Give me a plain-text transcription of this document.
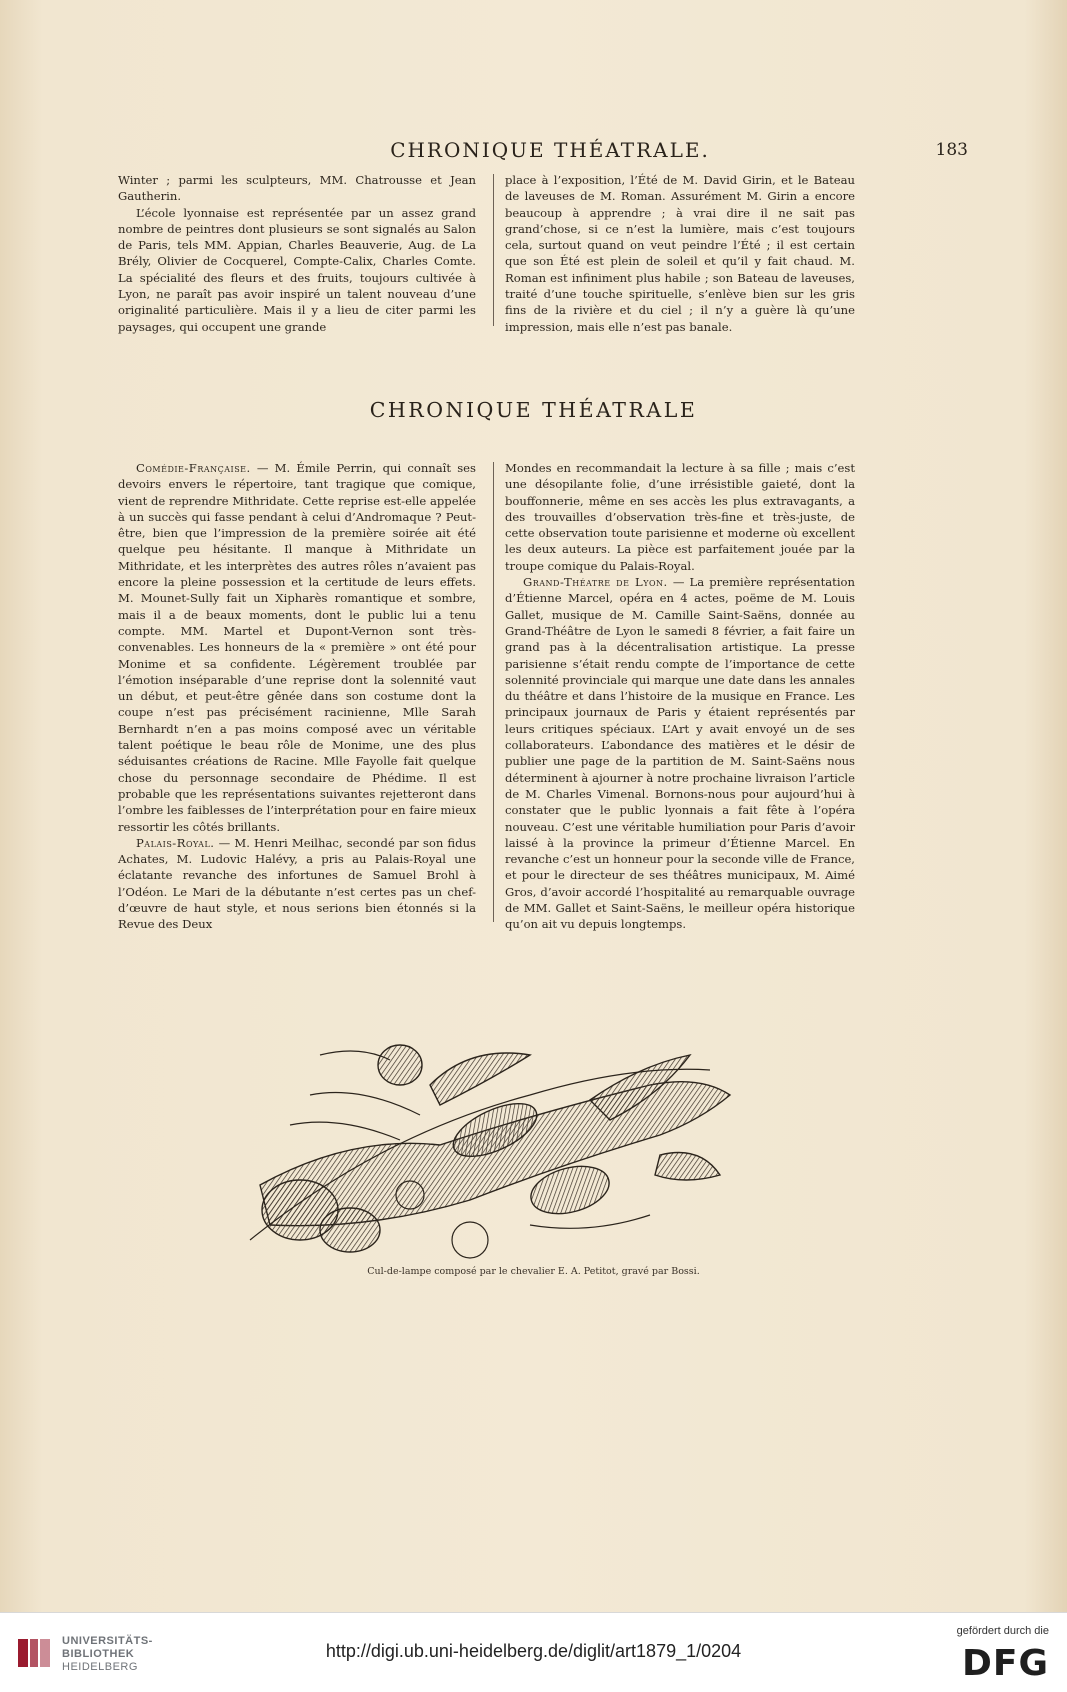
CHRONIQUE THÉATRALE.	183

Winter ; parmi les sculpteurs, MM. Chatrousse et Jean Gautherin.

L’école lyonnaise est représentée par un assez grand nombre de peintres dont plusieurs se sont signalés au Salon de Paris, tels MM. Appian, Charles Beauverie, Aug. de La Brély, Olivier de Cocquerel, Compte-Calix, Charles Comte. La spécialité des fleurs et des fruits, toujours cultivée à Lyon, ne paraît pas avoir inspiré un talent nouveau d’une originalité particulière. Mais il y a lieu de citer parmi les paysages, qui occupent une grande

place à l’exposition, l’Été de M. David Girin, et le Bateau de laveuses de M. Roman. Assurément M. Girin a encore beaucoup à apprendre ; à vrai dire il ne sait pas grand’chose, si ce n’est la lumière, mais c’est toujours cela, surtout quand on veut peindre l’Été ; il est certain que son Été est plein de soleil et qu’il y fait chaud. M. Roman est infiniment plus habile ; son Bateau de laveuses, traité d’une touche spirituelle, s’enlève bien sur les gris fins de la rivière et du ciel ; il n’y a guère là qu’une impression, mais elle n’est pas banale.

CHRONIQUE THÉATRALE

Comédie-Française. — M. Émile Perrin, qui connaît ses devoirs envers le répertoire, tant tragique que comique, vient de reprendre Mithridate. Cette reprise est-elle appelée à un succès qui fasse pendant à celui d’Andromaque ? Peut-être, bien que l’impression de la première soirée ait été quelque peu hésitante. Il manque à Mithridate un Mithridate, et les interprètes des autres rôles n’avaient pas encore la pleine possession et la certitude de leurs effets. M. Mounet-Sully fait un Xipharès romantique et sombre, mais il a de beaux moments, dont le public lui a tenu compte. MM. Martel et Dupont-Vernon sont très-convenables. Les honneurs de la « première » ont été pour Monime et sa confidente. Légèrement troublée par l’émotion inséparable d’une reprise dont la solennité vaut un début, et peut-être gênée dans son costume dont la coupe n’est pas précisément racinienne, Mlle Sarah Bernhardt n’en a pas moins composé avec un véritable talent poétique le beau rôle de Monime, une des plus séduisantes créations de Racine. Mlle Fayolle fait quelque chose du personnage secondaire de Phédime. Il est probable que les représentations suivantes rejetteront dans l’ombre les faiblesses de l’interprétation pour en faire mieux ressortir les côtés brillants.

Palais-Royal. — M. Henri Meilhac, secondé par son fidus Achates, M. Ludovic Halévy, a pris au Palais-Royal une éclatante revanche des infortunes de Samuel Brohl à l’Odéon. Le Mari de la débutante n’est certes pas un chef-d’œuvre de haut style, et nous serions bien étonnés si la Revue des Deux

Mondes en recommandait la lecture à sa fille ; mais c’est une désopilante folie, d’une irrésistible gaieté, dont la bouffonnerie, même en ses accès les plus extravagants, a des trouvailles d’observation très-fine et très-juste, de cette observation toute parisienne et moderne où excellent les deux auteurs. La pièce est parfaitement jouée par la troupe comique du Palais-Royal.

Grand-Théatre de Lyon. — La première représentation d’Étienne Marcel, opéra en 4 actes, poëme de M. Louis Gallet, musique de M. Camille Saint-Saëns, donnée au Grand-Théâtre de Lyon le samedi 8 février, a fait faire un grand pas à la décentralisation artistique. La presse parisienne s’était rendu compte de l’importance de cette solennité provinciale qui marque une date dans les annales du théâtre et dans l’histoire de la musique en France. Les principaux journaux de Paris y étaient représentés par leurs critiques spéciaux. L’Art y avait envoyé un de ses collaborateurs. L’abondance des matières et le désir de publier une page de la partition de M. Saint-Saëns nous déterminent à ajourner à notre prochaine livraison l’article de M. Charles Vimenal. Bornons-nous pour aujourd’hui à constater que le public lyonnais a fait fête à l’opéra nouveau. C’est une véritable humiliation pour Paris d’avoir laissé à la province la primeur d’Étienne Marcel. En revanche c’est un honneur pour la seconde ville de France, et pour le directeur de ses théâtres municipaux, M. Aimé Gros, d’avoir accordé l’hospitalité au remarquable ouvrage de MM. Gallet et Saint-Saëns, le meilleur opéra historique qu’on ait vu depuis longtemps.

Cul-de-lampe composé par le chevalier E. A. Petitot, gravé par Bossi.
UNIVERSITÄTS-
BIBLIOTHEK
HEIDELBERG
http://digi.ub.uni-heidelberg.de/diglit/art1879_1/0204
gefördert durch die
DFG
